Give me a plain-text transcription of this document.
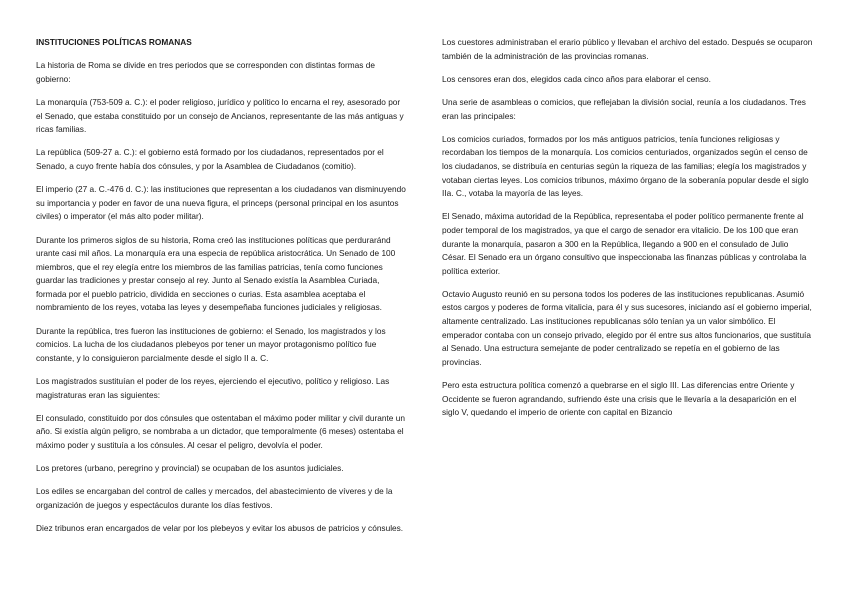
INSTITUCIONES POLÍTICAS ROMANAS

La historia de Roma se divide en tres periodos que se corresponden con distintas formas de gobierno:

La monarquía (753-509 a. C.): el poder religioso, jurídico y político lo encarna el rey, asesorado por el Senado, que estaba constituido por un consejo de Ancianos, representante de las más antiguas y ricas familias.

La república (509-27 a. C.): el gobierno está formado por los ciudadanos, representados por el Senado, a cuyo frente había dos cónsules, y por la Asamblea de Ciudadanos (comitio).

El imperio (27 a. C.-476 d. C.): las instituciones que representan a los ciudadanos van disminuyendo su importancia y poder en favor de una nueva figura, el princeps (personal principal en los asuntos civiles) o imperator (el más alto poder militar).

Durante los primeros siglos de su historia, Roma creó las instituciones políticas que perduraránd urante casi mil años. La monarquía era una especia de república aristocrática. Un Senado de 100 miembros, que el rey elegía entre los miembros de las familias patricias, tenía como funciones guardar las tradiciones y prestar consejo al rey. Junto al Senado existía la Asamblea Curiada, formada por el pueblo patricio, dividida en secciones o curias. Esta asamblea aceptaba el nombramiento de los reyes, votaba las leyes y desempeñaba funciones judiciales y religiosas.

Durante la república, tres fueron las instituciones de gobierno: el Senado, los magistrados y los comicios. La lucha de los ciudadanos plebeyos por tener un mayor protagonismo político fue constante, y lo consiguieron parcialmente desde el siglo II a. C.

Los magistrados sustituían el poder de los reyes, ejerciendo el ejecutivo, político y religioso. Las magistraturas eran las siguientes:

El consulado, constituido por dos cónsules que ostentaban el máximo poder militar y civil durante un año. Si existía algún peligro, se nombraba a un dictador, que temporalmente (6 meses) ostentaba el máximo poder y sustituía a los cónsules. Al cesar el peligro, devolvía el poder.

Los pretores (urbano, peregrino y provincial) se ocupaban de los asuntos judiciales.

Los ediles se encargaban del control de calles y mercados, del abastecimiento de víveres y de la organización de juegos y espectáculos durante los días festivos.

Diez tribunos eran encargados de velar por los plebeyos y evitar los abusos de patricios y cónsules.

Los cuestores administraban el erario público y llevaban el archivo del estado. Después se ocuparon también de la administración de las provincias romanas.

Los censores eran dos, elegidos cada cinco años para elaborar el censo.

Una serie de asambleas o comicios, que reflejaban la división social, reunía a los ciudadanos. Tres eran las principales:

Los comicios curiados, formados por los más antiguos patricios, tenía funciones religiosas y recordaban los tiempos de la monarquía. Los comicios centuriados, organizados según el censo de los ciudadanos, se distribuía en centurias según la riqueza de las familias; elegía los magistrados y votaban ciertas leyes. Los comicios tribunos, máximo órgano de la soberanía popular desde el siglo IIa. C., votaba la mayoría de las leyes.

El Senado, máxima autoridad de la República, representaba el poder político permanente frente al poder temporal de los magistrados, ya que el cargo de senador era vitalicio. De los 100 que eran durante la monarquía, pasaron a 300 en la República, llegando a 900 en el consulado de Julio César. El Senado era un órgano consultivo que inspeccionaba las finanzas públicas y controlaba la política exterior.

Octavio Augusto reunió en su persona todos los poderes de las instituciones republicanas. Asumió estos cargos y poderes de forma vitalicia, para él y sus sucesores, iniciando así el gobierno imperial, altamente centralizado. Las instituciones republicanas sólo tenían ya un valor simbólico. El emperador contaba con un consejo privado, elegido por él entre sus altos funcionarios, que sustituía al Senado. Una estructura semejante de poder centralizado se repetía en el gobierno de las provincias.

Pero esta estructura política comenzó a quebrarse en el siglo III. Las diferencias entre Oriente y Occidente se fueron agrandando, sufriendo éste una crisis que le llevaría a la desaparición en el siglo V, quedando el imperio de oriente con capital en Bizancio
